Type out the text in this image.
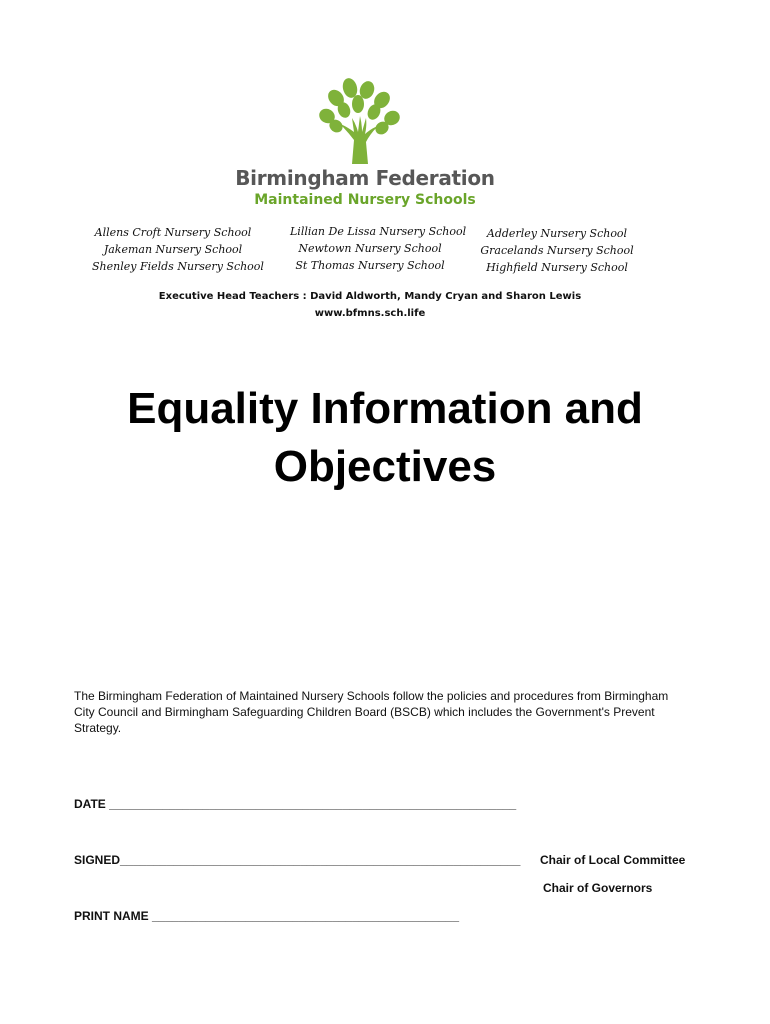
Birmingham Federation
Maintained Nursery Schools
Allens Croft Nursery School
Jakeman Nursery School
Shenley Fields Nursery School
Lillian De Lissa Nursery School
Newtown Nursery School
St Thomas Nursery School
Adderley Nursery School
Gracelands Nursery School
Highfield Nursery School
Executive Head Teachers : David Aldworth, Mandy Cryan and Sharon Lewis
www.bfmns.sch.life
Equality Information and
Objectives
The Birmingham Federation of Maintained Nursery Schools follow the policies and procedures from Birmingham City Council and Birmingham Safeguarding Children Board (BSCB) which includes the Government's Prevent Strategy.
DATE _____________________________________________________________
SIGNED____________________________________________________________ Chair of Local Committee
Chair of Governors
PRINT NAME ______________________________________________
